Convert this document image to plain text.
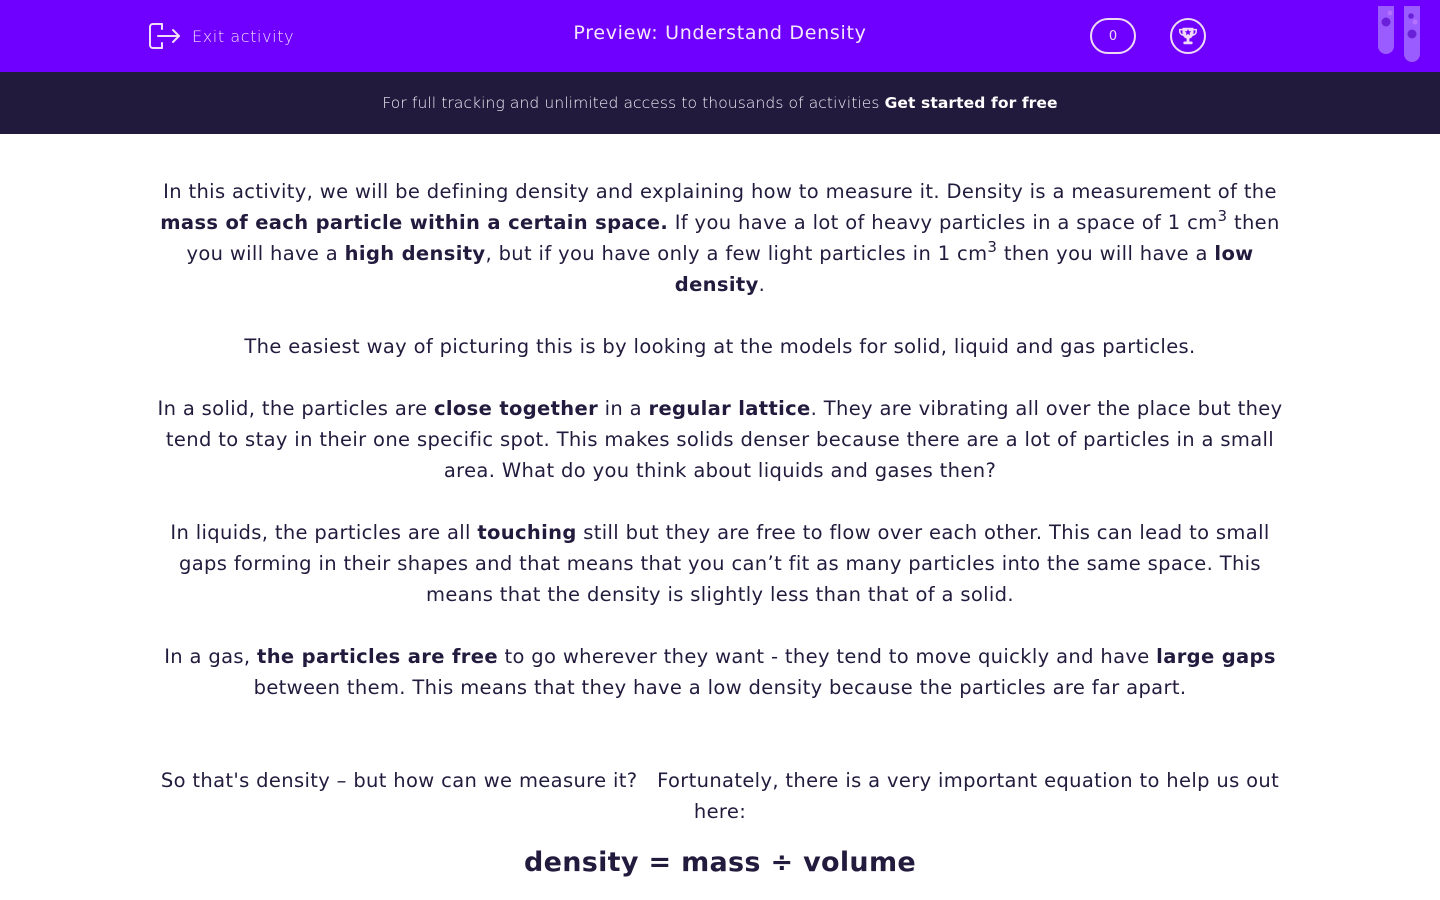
Exit activity	Preview: Understand Density	0
For full tracking and unlimited access to thousands of activities Get started for free

In this activity, we will be defining density and explaining how to measure it. Density is a measurement of the mass of each particle within a certain space. If you have a lot of heavy particles in a space of 1 $cm^3$ then you will have a high density, but if you have only a few light particles in 1 $cm^3$ then you will have a low density.

The easiest way of picturing this is by looking at the models for solid, liquid and gas particles.

In a solid, the particles are close together in a regular lattice. They are vibrating all over the place but they tend to stay in their one specific spot. This makes solids denser because there are a lot of particles in a small area. What do you think about liquids and gases then?

In liquids, the particles are all touching still but they are free to flow over each other. This can lead to small gaps forming in their shapes and that means that you can’t fit as many particles into the same space. This means that the density is slightly less than that of a solid.

In a gas, the particles are free to go wherever they want - they tend to move quickly and have large gaps between them. This means that they have a low density because the particles are far apart.

So that's density – but how can we measure it?   Fortunately, there is a very important equation to help us out here:

density = mass ÷ volume
